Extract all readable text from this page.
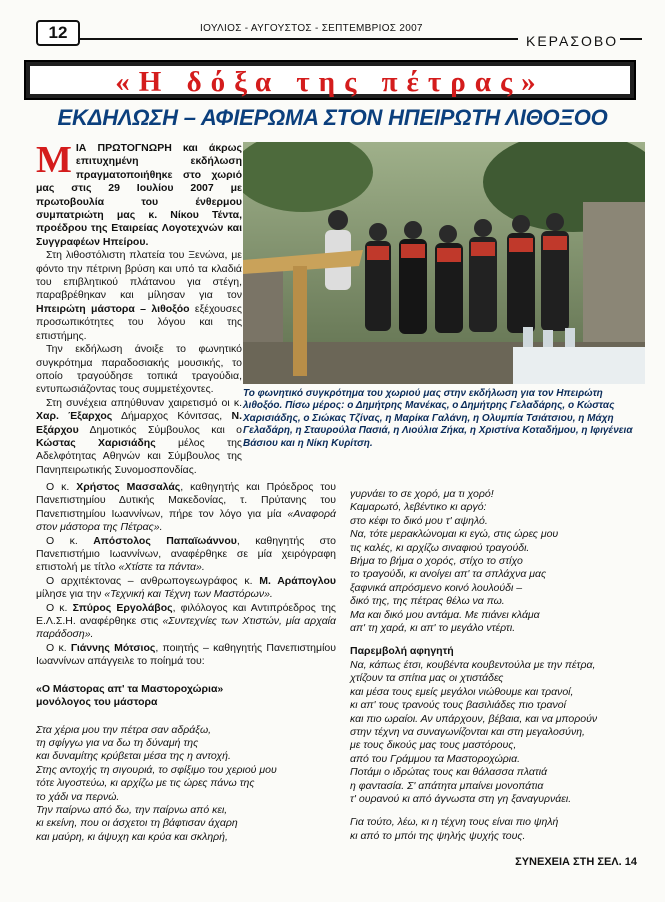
12	ΙΟΥΛΙΟΣ - ΑΥΓΟΥΣΤΟΣ - ΣΕΠΤΕΜΒΡΙΟΣ 2007
ΚΕΡΑΣΟΒΟ
«Η δόξα της πέτρας»
ΕΚΔΗΛΩΣΗ – ΑΦΙΕΡΩΜΑ ΣΤΟΝ ΗΠΕΙΡΩΤΗ ΛΙΘΟΞΟΟ

ΜΙΑ ΠΡΩΤΟΓΝΩΡΗ και άκρως επιτυχημένη εκδήλωση πραγματοποιήθηκε στο χωριό μας στις 29 Ιουλίου 2007 με πρωτοβουλία του ένθερμου συμπατριώτη μας κ. Νίκου Τέντα, προέδρου της Εταιρείας Λογοτεχνών και Συγγραφέων Ηπείρου.

Στη λιθοστόλιστη πλατεία του Ξενώνα, με φόντο την πέτρινη βρύση και υπό τα κλαδιά του επιβλητικού πλάτανου για στέγη, παραβρέθηκαν και μίλησαν για τον Ηπειρώτη μάστορα – λιθοξόο εξέχουσες προσωπικότητες του λόγου και της επιστήμης.

Την εκδήλωση άνοιξε το φωνητικό συγκρότημα παραδοσιακής μουσικής, το οποίο τραγούδησε τοπικά τραγούδια, εντυπωσιάζοντας τους συμμετέχοντες.

Στη συνέχεια απηύθυναν χαιρετισμό οι κ. Χαρ. Έξαρχος Δήμαρχος Κόνιτσας, Ν. Εξάρχου Δημοτικός Σύμβουλος και ο Κώστας Χαρισιάδης μέλος της Αδελφότητας Αθηνών και Σύμβουλος της Πανηπειρωτικής Συνομοσπονδίας.

Το φωνητικό συγκρότημα του χωριού μας στην εκδήλωση για τον Ηπειρώτη λιθοξόο. Πίσω μέρος: ο Δημήτρης Μανέκας, ο Δημήτρης Γελαδάρης, ο Κώστας Χαρισιάδης, ο Σιώκας Τζίνας, η Μαρίκα Γαλάνη, η Ολυμπία Τσιάτσιου, η Μάχη Γελαδάρη, η Σταυρούλα Πασιά, η Λιούλια Ζήκα, η Χριστίνα Κοταδήμου, η Ιφιγένεια Βάσιου και η Νίκη Κυρίτση.

Ο κ. Χρήστος Μασσαλάς, καθηγητής και Πρόεδρος του Πανεπιστημίου Δυτικής Μακεδονίας, τ. Πρύτανης του Πανεπιστημίου Ιωαννίνων, πήρε τον λόγο για μία «Αναφορά στον μάστορα της Πέτρας».

Ο κ. Απόστολος Παπαϊωάννου, καθηγητής στο Πανεπιστήμιο Ιωαννίνων, αναφέρθηκε σε μία χειρόγραφη επιστολή με τίτλο «Χτίστε τα πάντα».

Ο αρχιτέκτονας – ανθρωπογεωγράφος κ. Μ. Αράπογλου μίλησε για την «Τεχνική και Τέχνη των Μαστόρων».

Ο κ. Σπύρος Εργολάβος, φιλόλογος και Αντιπρόεδρος της Ε.Λ.Σ.Η. αναφέρθηκε στις «Συντεχνίες των Χτιστών, μία αρχαία παράδοση».

Ο κ. Γιάννης Μότσιος, ποιητής – καθηγητής Πανεπιστημίου Ιωαννίνων απάγγειλε το ποίημά του:

«Ο Μάστορας απ' τα Μαστοροχώρια»
μονόλογος του μάστορα

Στα χέρια μου την πέτρα σαν αδράξω,
τη σφίγγω για να δω τη δύναμή της
και δυναμίτης κρύβεται μέσα της η αντοχή.
Στης αντοχής τη σιγουριά, το σφίξιμο του χεριού μου
τότε λιγοστεύω, κι αρχίζω με τις ώρες πάνω της
το χάδι να περνώ.
Την παίρνω από δω, την παίρνω από κει,
κι εκείνη, που οι άσχετοι τη βάφτισαν άχαρη
και μαύρη, κι άψυχη και κρύα και σκληρή,
γυρνάει το σε χορό, μα τι χορό!
Καμαρωτό, λεβέντικο κι αργό:
στο κέφι το δικό μου τ' αψηλό.
Να, τότε μερακλώνομαι κι εγώ, στις ώρες μου
τις καλές, κι αρχίζω σιναφιού τραγούδι.
Βήμα το βήμα ο χορός, στίχο το στίχο
το τραγούδι, κι ανοίγει απ' τα σπλάχνα μας
ξαφνικά απρόσμενο κοινό λουλούδι –
δικό της, της πέτρας θέλω να πω.
Μα και δικό μου αντάμα. Με πιάνει κλάμα
απ' τη χαρά, κι απ' το μεγάλο ντέρτι.
Παρεμβολή αφηγητή
Να, κάπως έτσι, κουβέντα κουβεντούλα με την πέτρα,
χτίζουν τα σπίτια μας οι χτιστάδες
και μέσα τους εμείς μεγάλοι νιώθουμε και τρανοί,
κι απ' τους τρανούς τους βασιλιάδες πιο τρανοί
και πιο ωραίοι. Αν υπάρχουν, βέβαια, και να μπορούν
στην τέχνη να συναγωνίζονται και στη μεγαλοσύνη,
με τους δικούς μας τους μαστόρους,
από του Γράμμου τα Μαστοροχώρια.
Ποτάμι ο ιδρώτας τους και θάλασσα πλατιά
η φαντασία. Σ' απάτητα μπαίνει μονοπάτια
τ' ουρανού κι από άγνωστα στη γη ξαναγυρνάει.
Για τούτο, λέω, κι η τέχνη τους είναι πιο ψηλή
κι από το μπόι της ψηλής ψυχής τους.
ΣΥΝΕΧΕΙΑ ΣΤΗ ΣΕΛ. 14
